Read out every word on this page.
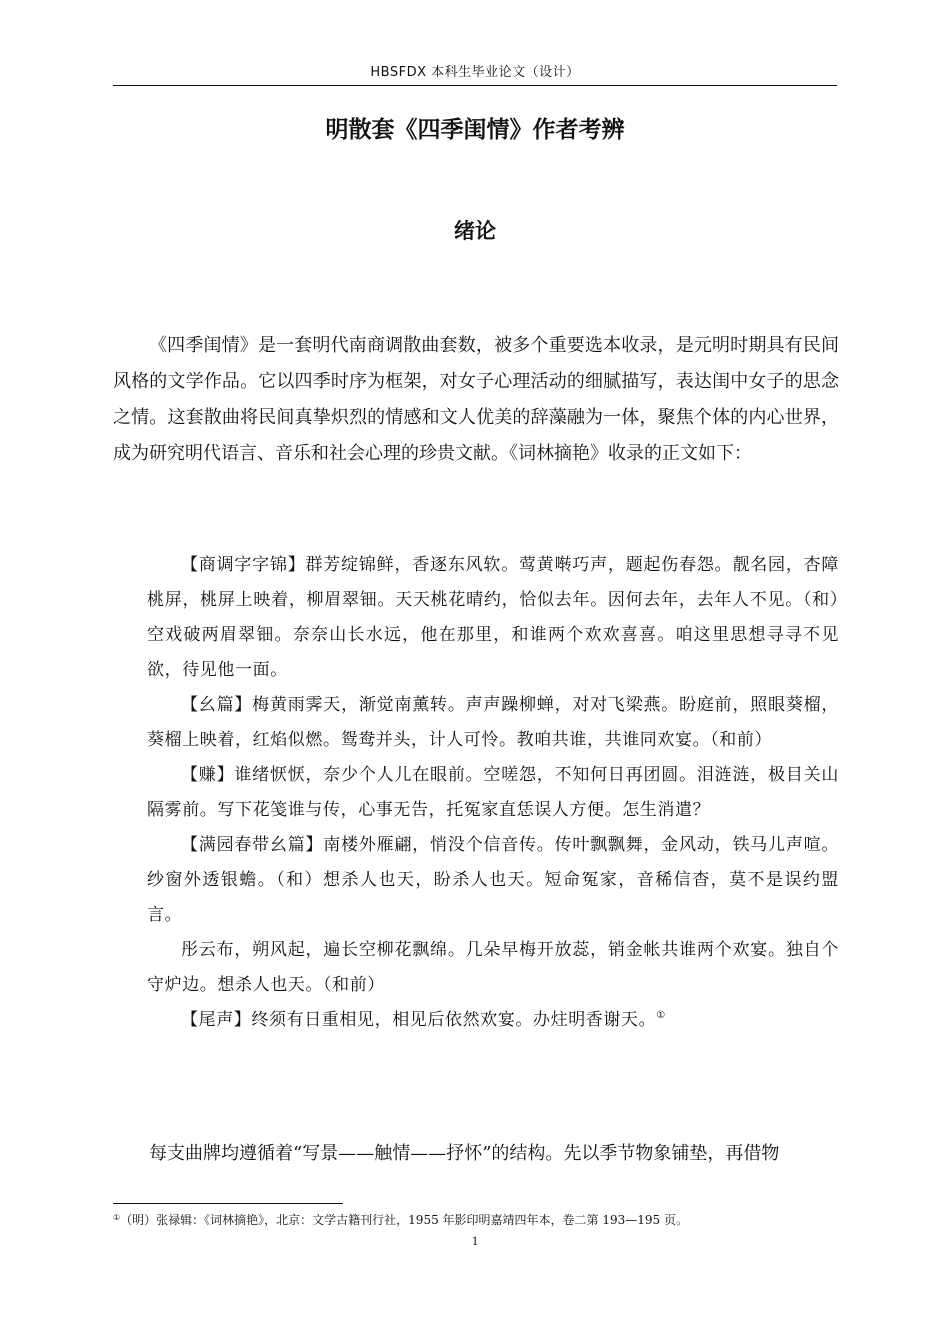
HBSFDX 本科生毕业论文（设计）
明散套《四季闺情》作者考辨
绪论

《四季闺情》是一套明代南商调散曲套数，被多个重要选本收录，是元明时期具有民间风格的文学作品。它以四季时序为框架，对女子心理活动的细腻描写，表达闺中女子的思念之情。这套散曲将民间真挚炽烈的情感和文人优美的辞藻融为一体，聚焦个体的内心世界，成为研究明代语言、音乐和社会心理的珍贵文献。《词林摘艳》收录的正文如下：

【商调字字锦】群芳绽锦鲜，香逐东风软。莺黄啭巧声，题起伤春怨。靓名园，杏障桃屏，桃屏上映着，柳眉翠钿。天天桃花晴约，恰似去年。因何去年，去年人不见。（和）空戏破两眉翠钿。奈奈山长水远，他在那里，和谁两个欢欢喜喜。咱这里思想寻寻不见欲，待见他一面。

【幺篇】梅黄雨霁天，渐觉南薰转。声声躁柳蝉，对对飞梁燕。盼庭前，照眼葵榴，葵榴上映着，红焰似燃。鸳鸯并头，计人可怜。教咱共谁，共谁同欢宴。（和前）

【赚】谁绪恹恹，奈少个人儿在眼前。空嗟怨，不知何日再团圆。泪涟涟，极目关山隔雾前。写下花笺谁与传，心事无告，托冤家直恁误人方便。怎生消遣？

【满园春带幺篇】南楼外雁翩，悄没个信音传。传叶飘飘舞，金风动，铁马儿声喧。纱窗外透银蟾。（和）想杀人也天，盼杀人也天。短命冤家，音稀信杳，莫不是误约盟言。

彤云布，朔风起，遍长空柳花飘绵。几朵早梅开放蕊，销金帐共谁两个欢宴。独自个守炉边。想杀人也天。（和前）

【尾声】终须有日重相见，相见后依然欢宴。办炷明香谢天。①

每支曲牌均遵循着“写景——触情——抒怀”的结构。先以季节物象铺垫，再借物

①（明）张禄辑：《词林摘艳》，北京：文学古籍刊行社，1955 年影印明嘉靖四年本，卷二第 193—195 页。

1
